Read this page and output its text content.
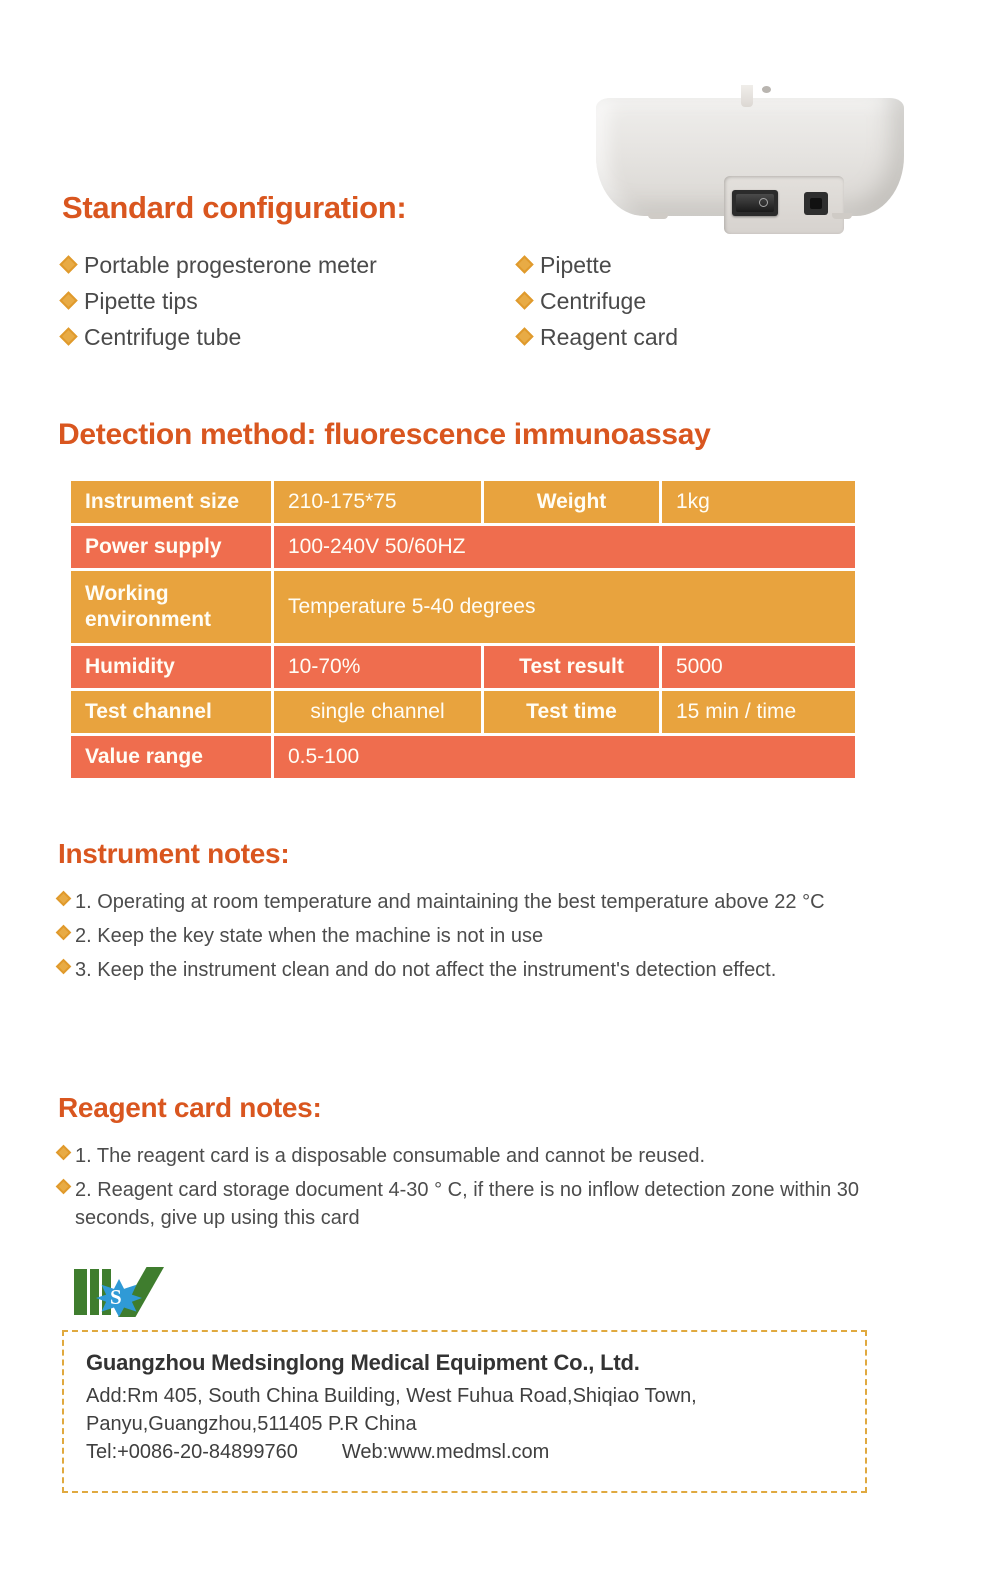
Standard configuration:
Portable progesterone meter
Pipette tips
Centrifuge tube
Pipette
Centrifuge
Reagent card
Detection method: fluorescence immunoassay
Instrument size	210-175*75	Weight	1kg
Power supply	100-240V 50/60HZ		
Working environment	Temperature 5-40 degrees		
Humidity	10-70%	Test result	5000
Test channel	single channel	Test time	15 min / time
Value range	0.5-100		
Instrument notes:
1. Operating at room temperature and maintaining the best temperature above 22 °C
2. Keep the key state when the machine is not in use
3. Keep the instrument clean and do not affect the instrument's detection effect.
Reagent card notes:
1. The reagent card is a disposable consumable and cannot be reused.
2. Reagent card storage document 4-30 ° C, if there is no inflow detection zone within 30 seconds, give up using this card
S
Guangzhou Medsinglong Medical Equipment Co., Ltd.
Add:Rm 405, South China Building, West Fuhua Road,Shiqiao Town,
Panyu,Guangzhou,511405 P.R China
Tel:+0086-20-84899760 Web:www.medmsl.com
